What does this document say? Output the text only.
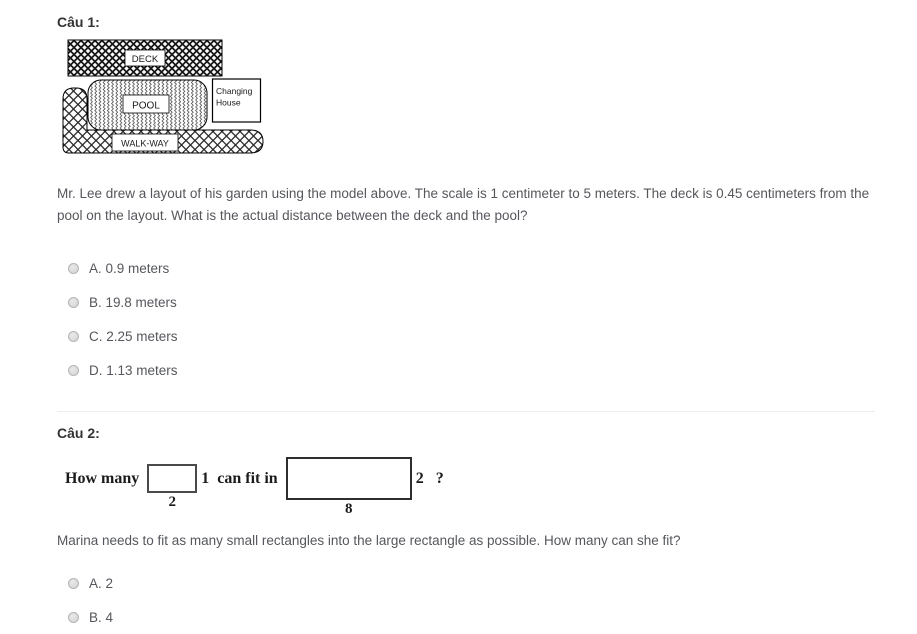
Câu 1:
Changing
House
DECK
POOL
WALK-WAY
Mr. Lee drew a layout of his garden using the model above. The scale is 1 centimeter to 5 meters. The deck is 0.45 centimeters from the pool on the layout. What is the actual distance between the deck and the pool?
A. 0.9 meters
B. 19.8 meters
C. 2.25 meters
D. 1.13 meters
Câu 2:
How many
2
1 can fit in
8
2 ?
Marina needs to fit as many small rectangles into the large rectangle as possible. How many can she fit?
A. 2
B. 4
